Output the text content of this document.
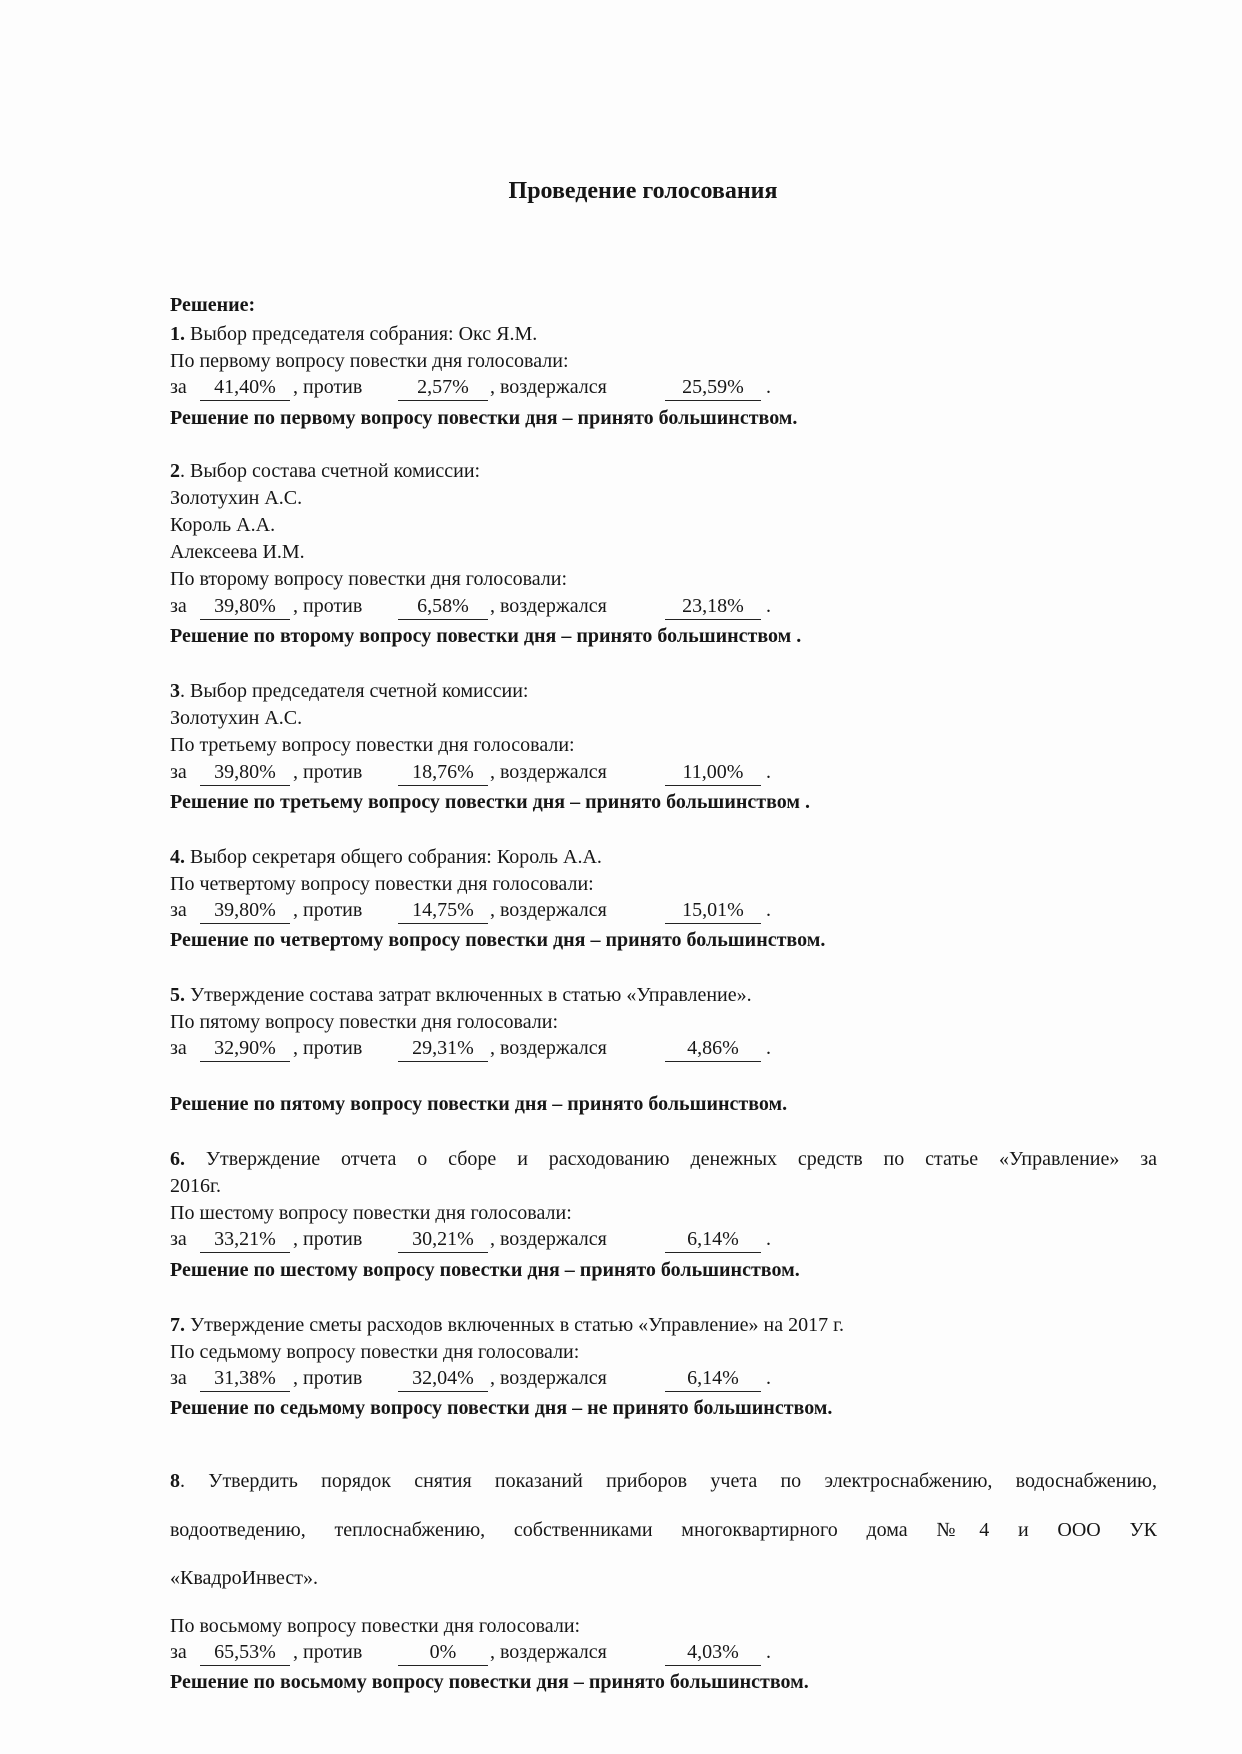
Проведение голосования
Решение:
1. Выбор председателя собрания: Окс Я.М.
По первому вопросу повестки дня голосовали:
за	41,40% , против	2,57%	, воздержался	25,59%	.
Решение по первому вопросу повестки дня – принято большинством.
2. Выбор состава счетной комиссии:
Золотухин А.С.
Король А.А.
Алексеева И.М.
По второму вопросу повестки дня голосовали:
за	39,80% , против	6,58%	, воздержался	23,18%	.
Решение по второму вопросу повестки дня – принято большинством .
3. Выбор председателя счетной комиссии:
Золотухин А.С.
По третьему вопросу повестки дня голосовали:
за	39,80% , против	18,76% , воздержался	11,00%	.
Решение по третьему вопросу повестки дня – принято большинством .
4. Выбор секретаря общего собрания: Король А.А.
По четвертому вопросу повестки дня голосовали:
за	39,80% , против	14,75% , воздержался	15,01%	.
Решение по четвертому вопросу повестки дня – принято большинством.
5. Утверждение состава затрат включенных в статью «Управление».
По пятому вопросу повестки дня голосовали:
за	32,90% , против	29,31% , воздержался	4,86%	.
Решение по пятому вопросу повестки дня – принято большинством.
6. Утверждение отчета о сборе и расходованию денежных средств по статье «Управление» за
2016г.
По шестому вопросу повестки дня голосовали:
за	33,21% , против	30,21% , воздержался	6,14%	.
Решение по шестому вопросу повестки дня – принято большинством.
7. Утверждение сметы расходов включенных в статью «Управление» на 2017 г.
По седьмому вопросу повестки дня голосовали:
за	31,38% , против	32,04% , воздержался	6,14%	.
Решение по седьмому вопросу повестки дня – не принято большинством.
8. Утвердить порядок снятия показаний приборов учета по электроснабжению, водоснабжению,
водоотведению, теплоснабжению, собственниками многоквартирного дома №4 и ООО УК
«КвадроИнвест».
По восьмому вопросу повестки дня голосовали:
за	65,53% , против	0%	, воздержался	4,03%	.
Решение по восьмому вопросу повестки дня – принято большинством.
